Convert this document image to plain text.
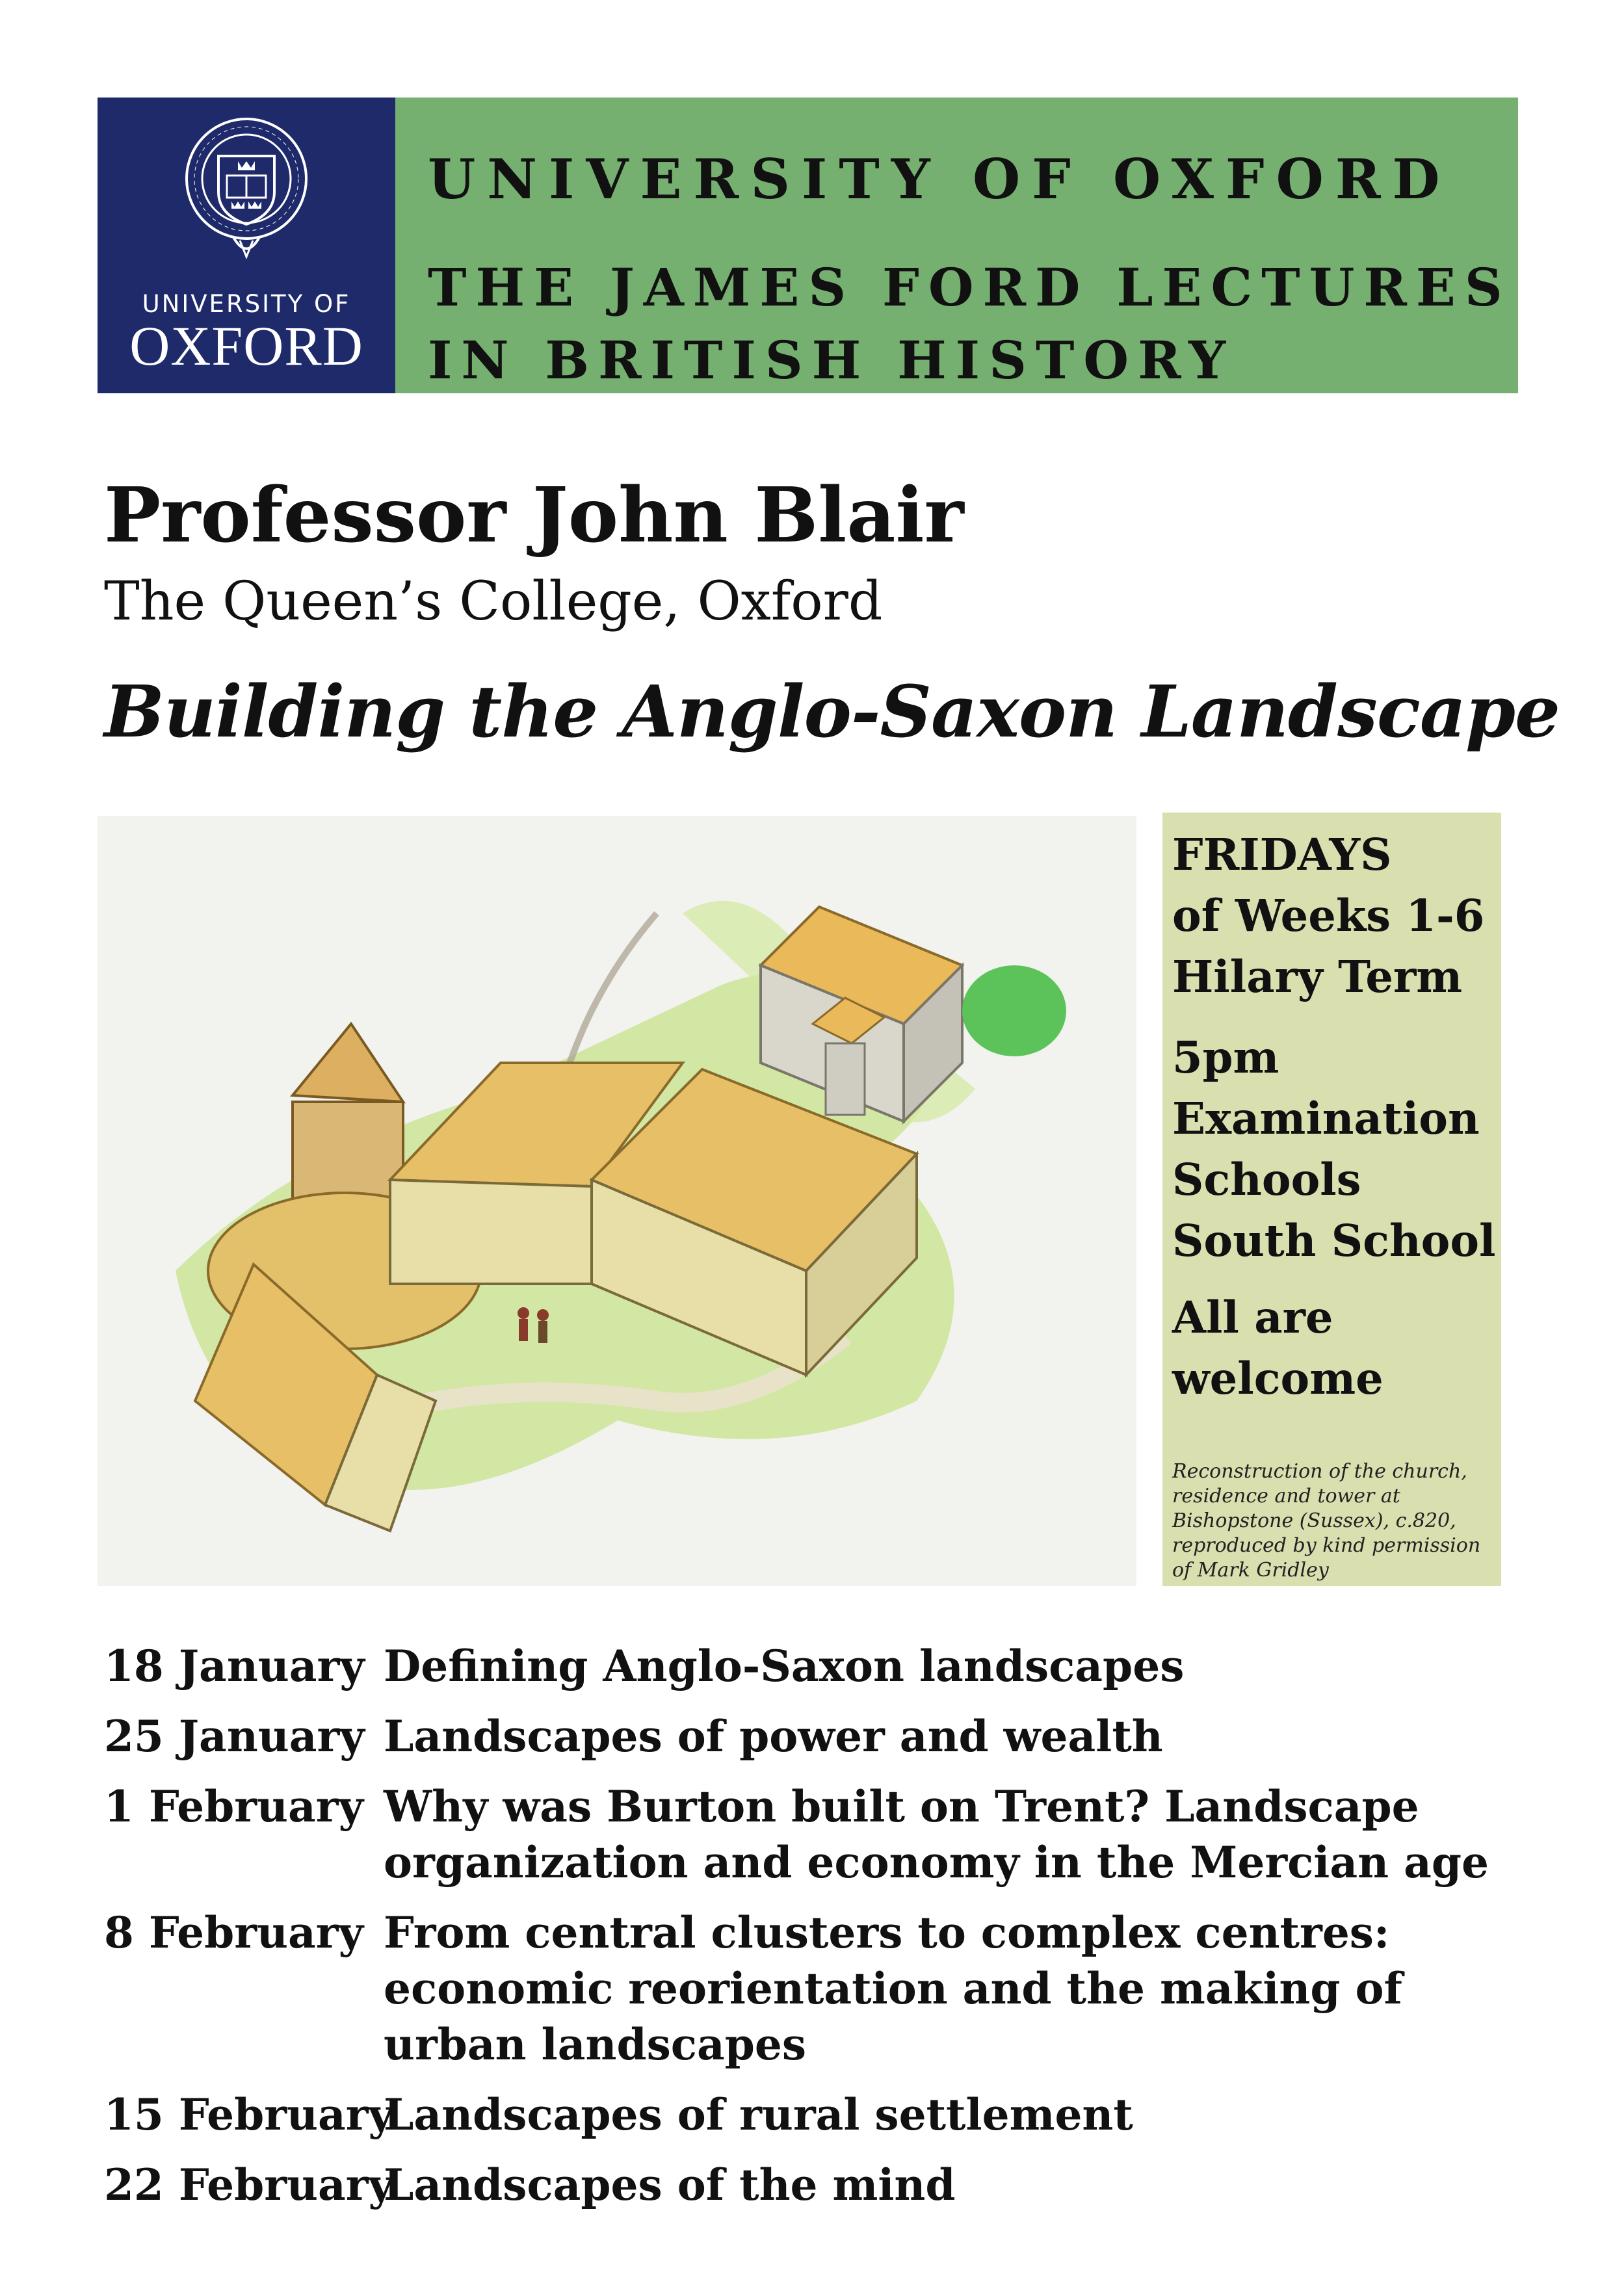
UNIVERSITY OF
OXFORD
UNIVERSITY OF OXFORD
THE JAMES FORD LECTURES
IN BRITISH HISTORY
Professor John Blair
The Queen’s College, Oxford
Building the Anglo-Saxon Landscape
FRIDAYS
of Weeks 1-6
Hilary Term
5pm
Examination
Schools
South School
All are
welcome
Reconstruction of the church, residence and tower at Bishopstone (Sussex), c.820, reproduced by kind permission of Mark Gridley
18 January Defining Anglo-Saxon landscapes
25 January Landscapes of power and wealth
1 February Why was Burton built on Trent? Landscape organization and economy in the Mercian age
8 February From central clusters to complex centres: economic reorientation and the making of urban landscapes
15 February
Landscapes of rural settlement
22 February
Landscapes of the mind
